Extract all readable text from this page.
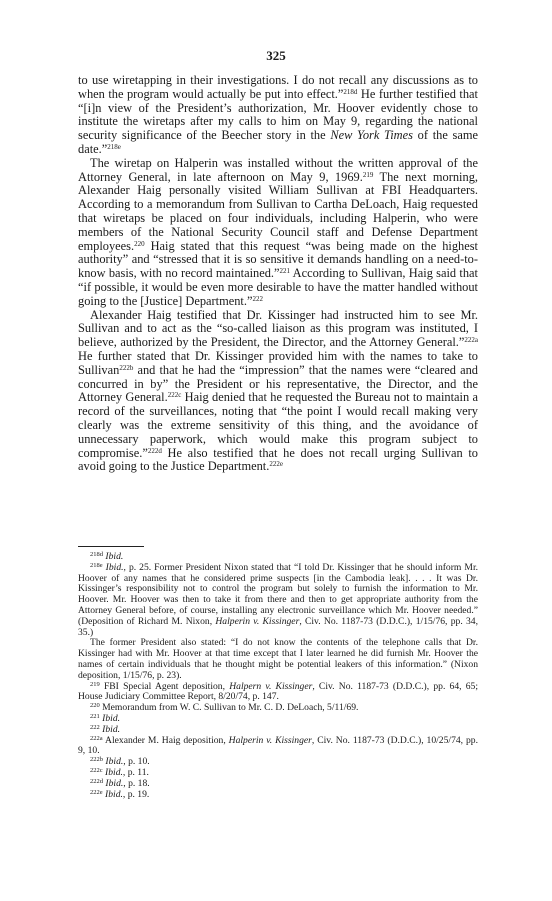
325

to use wiretapping in their investigations. I do not recall any discussions as to when the program would actually be put into effect.”$^{218d}$ He further testified that “[i]n view of the President’s authorization, Mr. Hoover evidently chose to institute the wiretaps after my calls to him on May 9, regarding the national security significance of the Beecher story in the New York Times of the same date.”$^{218e}$

The wiretap on Halperin was installed without the written approval of the Attorney General, in late afternoon on May 9, 1969.$^{219}$ The next morning, Alexander Haig personally visited William Sullivan at FBI Headquarters. According to a memorandum from Sullivan to Cartha DeLoach, Haig requested that wiretaps be placed on four individuals, including Halperin, who were members of the National Security Council staff and Defense Department employees.$^{220}$ Haig stated that this request “was being made on the highest authority” and “stressed that it is so sensitive it demands handling on a need-to-know basis, with no record maintained.”$^{221}$ According to Sullivan, Haig said that “if possible, it would be even more desirable to have the matter handled without going to the [Justice] Department.”$^{222}$

Alexander Haig testified that Dr. Kissinger had instructed him to see Mr. Sullivan and to act as the “so-called liaison as this program was instituted, I believe, authorized by the President, the Director, and the Attorney General.”$^{222a}$ He further stated that Dr. Kissinger provided him with the names to take to Sullivan$^{222b}$ and that he had the “impression” that the names were “cleared and concurred in by” the President or his representative, the Director, and the Attorney General.$^{222c}$ Haig denied that he requested the Bureau not to maintain a record of the surveillances, noting that “the point I would recall making very clearly was the extreme sensitivity of this thing, and the avoidance of unnecessary paperwork, which would make this program subject to compromise.”$^{222d}$ He also testified that he does not recall urging Sullivan to avoid going to the Justice Department.$^{222e}$

$^{218d}$ Ibid.

$^{218e}$ Ibid., p. 25. Former President Nixon stated that “I told Dr. Kissinger that he should inform Mr. Hoover of any names that he considered prime suspects [in the Cambodia leak]. . . . It was Dr. Kissinger’s responsibility not to control the program but solely to furnish the information to Mr. Hoover. Mr. Hoover was then to take it from there and then to get appropriate authority from the Attorney General before, of course, installing any electronic surveillance which Mr. Hoover needed.” (Deposition of Richard M. Nixon, Halperin v. Kissinger, Civ. No. 1187-73 (D.D.C.), 1/15/76, pp. 34, 35.)

The former President also stated: “I do not know the contents of the telephone calls that Dr. Kissinger had with Mr. Hoover at that time except that I later learned he did furnish Mr. Hoover the names of certain individuals that he thought might be potential leakers of this information.” (Nixon deposition, 1/15/76, p. 23).

$^{219}$ FBI Special Agent deposition, Halpern v. Kissinger, Civ. No. 1187-73 (D.D.C.), pp. 64, 65; House Judiciary Committee Report, 8/20/74, p. 147.

$^{220}$ Memorandum from W. C. Sullivan to Mr. C. D. DeLoach, 5/11/69.

$^{221}$ Ibid.

$^{222}$ Ibid.

$^{222a}$ Alexander M. Haig deposition, Halperin v. Kissinger, Civ. No. 1187-73 (D.D.C.), 10/25/74, pp. 9, 10.

$^{222b}$ Ibid., p. 10.

$^{222c}$ Ibid., p. 11.

$^{222d}$ Ibid., p. 18.

$^{222e}$ Ibid., p. 19.
